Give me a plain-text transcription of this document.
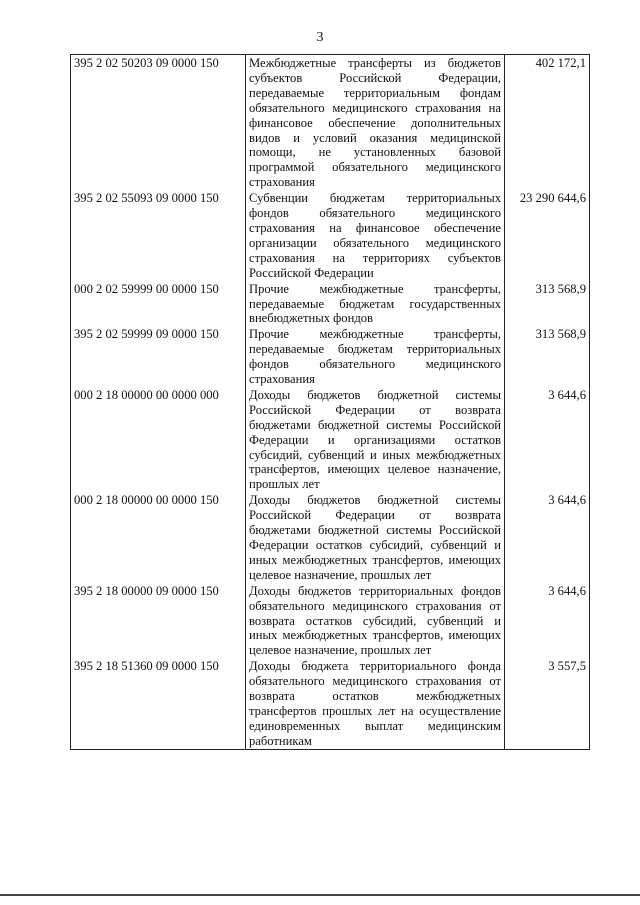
3
395 2 02 50203 09 0000 150	Межбюджетные трансферты из бюджетов субъектов Российской Федерации, передаваемые территориальным фондам обязательного медицинского страхования на финансовое обеспечение дополнительных видов и условий оказания медицинской помощи, не установленных базовой программой обязательного медицинского страхования	402 172,1
395 2 02 55093 09 0000 150	Субвенции бюджетам территориальных фондов обязательного медицинского страхования на финансовое обеспечение организации обязательного медицинского страхования на территориях субъектов Российской Федерации	23 290 644,6
000 2 02 59999 00 0000 150	Прочие межбюджетные трансферты, передаваемые бюджетам государственных внебюджетных фондов	313 568,9
395 2 02 59999 09 0000 150	Прочие межбюджетные трансферты, передаваемые бюджетам территориальных фондов обязательного медицинского страхования	313 568,9
000 2 18 00000 00 0000 000	Доходы бюджетов бюджетной системы Российской Федерации от возврата бюджетами бюджетной системы Российской Федерации и организациями остатков субсидий, субвенций и иных межбюджетных трансфертов, имеющих целевое назначение, прошлых лет	3 644,6
000 2 18 00000 00 0000 150	Доходы бюджетов бюджетной системы Российской Федерации от возврата бюджетами бюджетной системы Российской Федерации остатков субсидий, субвенций и иных межбюджетных трансфертов, имеющих целевое назначение, прошлых лет	3 644,6
395 2 18 00000 09 0000 150	Доходы бюджетов территориальных фондов обязательного медицинского страхования от возврата остатков субсидий, субвенций и иных межбюджетных трансфертов, имеющих целевое назначение, прошлых лет	3 644,6
395 2 18 51360 09 0000 150	Доходы бюджета территориального фонда обязательного медицинского страхования от возврата остатков межбюджетных трансфертов прошлых лет на осуществление единовременных выплат медицинским работникам	3 557,5
